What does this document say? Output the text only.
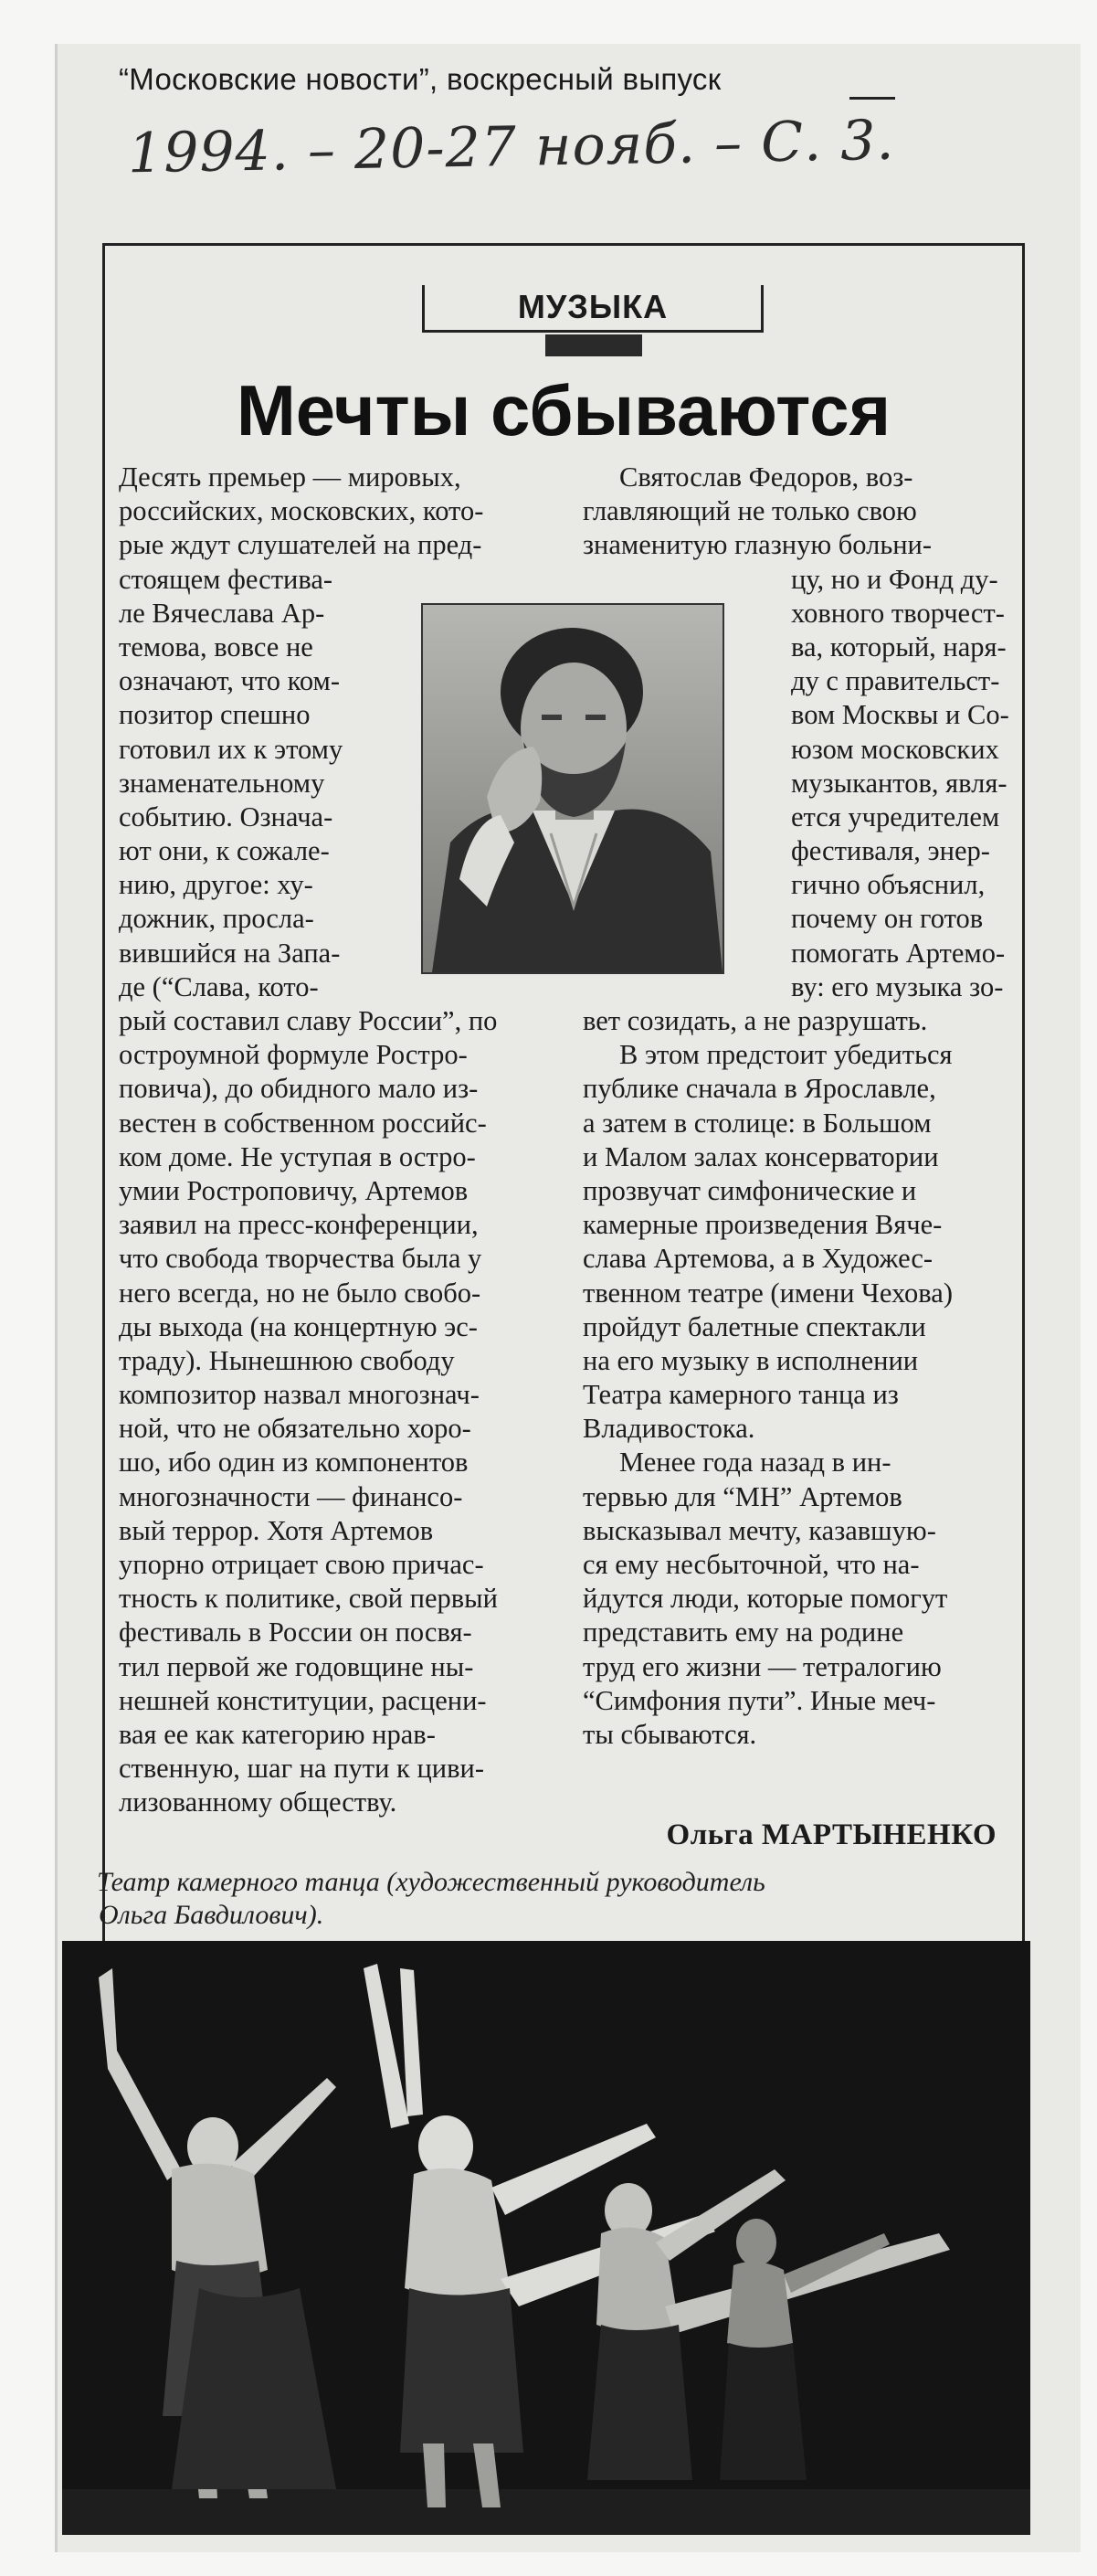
“Московские новости”, воскресный выпуск
1994. – 20-27 нояб. – С. 3.
МУЗЫКА
Мечты сбываются
Десять премьер — мировых,
российских, московских, кото-
рые ждут слушателей на пред-
стоящем фестива-
ле Вячеслава Ар-
темова, вовсе не
означают, что ком-
позитор спешно
готовил их к этому
знаменательному
событию. Означа-
ют они, к сожале-
нию, другое: ху-
дожник, просла-
вившийся на Запа-
де (“Слава, кото-
рый составил славу России”, по
остроумной формуле Ростро-
повича), до обидного мало из-
вестен в собственном российс-
ком доме. Не уступая в остро-
умии Ростроповичу, Артемов
заявил на пресс-конференции,
что свобода творчества была у
него всегда, но не было свобо-
ды выхода (на концертную эс-
траду). Нынешнюю свободу
композитор назвал многознач-
ной, что не обязательно хоро-
шо, ибо один из компонентов
многозначности — финансо-
вый террор. Хотя Артемов
упорно отрицает свою причас-
тность к политике, свой первый
фестиваль в России он посвя-
тил первой же годовщине ны-
нешней конституции, расцени-
вая ее как категорию нрав-
ственную, шаг на пути к циви-
лизованному обществу.
Святослав Федоров, воз-
главляющий не только свою
знаменитую глазную больни-
цу, но и Фонд ду-
ховного творчест-
ва, который, наря-
ду с правительст-
вом Москвы и Со-
юзом московских
музыкантов, явля-
ется учредителем
фестиваля, энер-
гично объяснил,
почему он готов
помогать Артемо-
ву: его музыка зо-
вет созидать, а не разрушать.
В этом предстоит убедиться
публике сначала в Ярославле,
а затем в столице: в Большом
и Малом залах консерватории
прозвучат симфонические и
камерные произведения Вяче-
слава Артемова, а в Художес-
твенном театре (имени Чехова)
пройдут балетные спектакли
на его музыку в исполнении
Театра камерного танца из
Владивостока.
Менее года назад в ин-
тервью для “МН” Артемов
высказывал мечту, казавшую-
ся ему несбыточной, что на-
йдутся люди, которые помогут
представить ему на родине
труд его жизни — тетралогию
“Симфония пути”. Иные меч-
ты сбываются.
Ольга МАРТЫНЕНКО
Театр камерного танца (художественный руководитель
Ольга Бавдилович).
